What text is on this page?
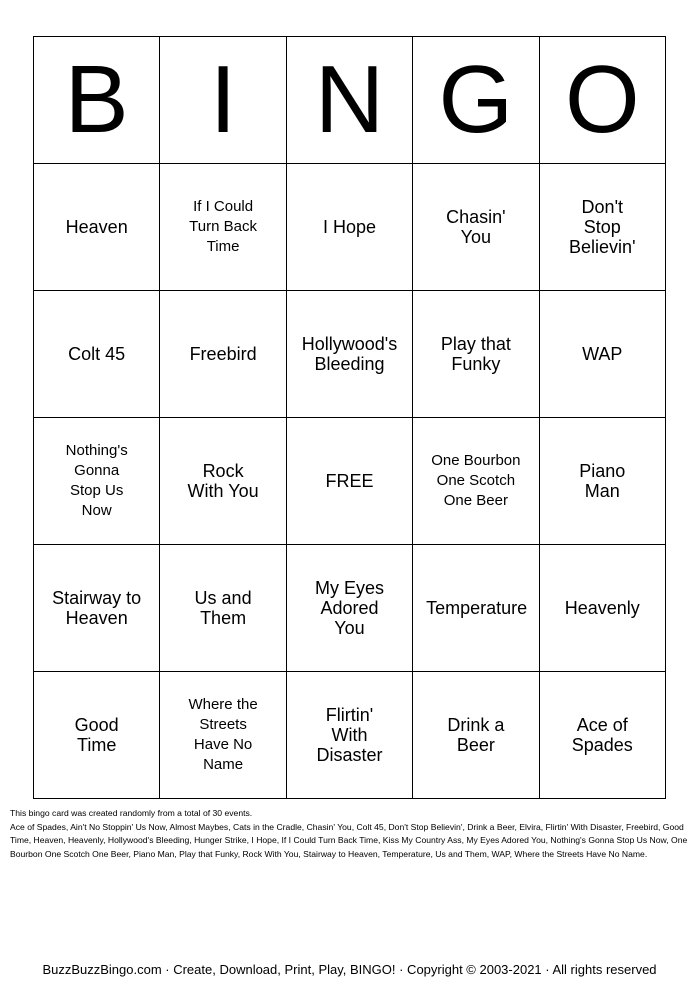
B	I	N	G	O

Heaven	If I Could Turn Back Time	I Hope	Chasin' You	Don't Stop Believin'

Colt 45	Freebird	Hollywood's Bleeding	Play that Funky	WAP

Nothing's Gonna Stop Us Now	Rock With You	FREE	One Bourbon One Scotch One Beer	Piano Man

Stairway to Heaven	Us and Them	My Eyes Adored You	Temperature	Heavenly

Good Time	Where the Streets Have No Name	Flirtin' With Disaster	Drink a Beer	Ace of Spades
This bingo card was created randomly from a total of 30 events.
Ace of Spades, Ain't No Stoppin' Us Now, Almost Maybes, Cats in the Cradle, Chasin' You, Colt 45, Don't Stop Believin', Drink a Beer, Elvira, Flirtin' With Disaster, Freebird, Good Time, Heaven, Heavenly, Hollywood's Bleeding, Hunger Strike, I Hope, If I Could Turn Back Time, Kiss My Country Ass, My Eyes Adored You, Nothing's Gonna Stop Us Now, One Bourbon One Scotch One Beer, Piano Man, Play that Funky, Rock With You, Stairway to Heaven, Temperature, Us and Them, WAP, Where the Streets Have No Name.
BuzzBuzzBingo.com · Create, Download, Print, Play, BINGO! · Copyright © 2003-2021 · All rights reserved
